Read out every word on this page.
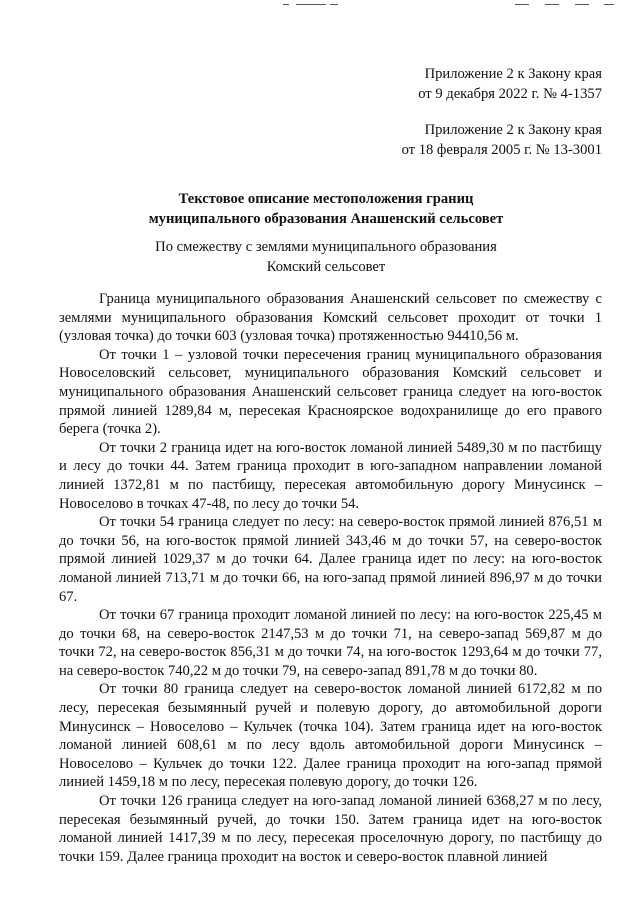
Приложение 2 к Закону края
от 9 декабря 2022 г. № 4-1357
Приложение 2 к Закону края
от 18 февраля 2005 г. № 13-3001
Текстовое описание местоположения границ
муниципального образования Анашенский сельсовет
По смежеству с землями муниципального образования
Комский сельсовет

Граница муниципального образования Анашенский сельсовет по смежеству с землями муниципального образования Комский сельсовет проходит от точки 1 (узловая точка) до точки 603 (узловая точка) протяженностью 94410,56 м.

От точки 1 – узловой точки пересечения границ муниципального образования Новоселовский сельсовет, муниципального образования Комский сельсовет и муниципального образования Анашенский сельсовет граница следует на юго-восток прямой линией 1289,84 м, пересекая Красноярское водохранилище до его правого берега (точка 2).

От точки 2 граница идет на юго-восток ломаной линией 5489,30 м по пастбищу и лесу до точки 44. Затем граница проходит в юго-западном направлении ломаной линией 1372,81 м по пастбищу, пересекая автомобильную дорогу Минусинск – Новоселово в точках 47-48, по лесу до точки 54.

От точки 54 граница следует по лесу: на северо-восток прямой линией 876,51 м до точки 56, на юго-восток прямой линией 343,46 м до точки 57, на северо-восток прямой линией 1029,37 м до точки 64. Далее граница идет по лесу: на юго-восток ломаной линией 713,71 м до точки 66, на юго-запад прямой линией 896,97 м до точки 67.

От точки 67 граница проходит ломаной линией по лесу: на юго-восток 225,45 м до точки 68, на северо-восток 2147,53 м до точки 71, на северо-запад 569,87 м до точки 72, на северо-восток 856,31 м до точки 74, на юго-восток 1293,64 м до точки 77, на северо-восток 740,22 м до точки 79, на северо-запад 891,78 м до точки 80.

От точки 80 граница следует на северо-восток ломаной линией 6172,82 м по лесу, пересекая безымянный ручей и полевую дорогу, до автомобильной дороги Минусинск – Новоселово – Кульчек (точка 104). Затем граница идет на юго-восток ломаной линией 608,61 м по лесу вдоль автомобильной дороги Минусинск – Новоселово – Кульчек до точки 122. Далее граница проходит на юго-запад прямой линией 1459,18 м по лесу, пересекая полевую дорогу, до точки 126.

От точки 126 граница следует на юго-запад ломаной линией 6368,27 м по лесу, пересекая безымянный ручей, до точки 150. Затем граница идет на юго-восток ломаной линией 1417,39 м по лесу, пересекая проселочную дорогу, по пастбищу до точки 159. Далее граница проходит на восток и северо-восток плавной линией
